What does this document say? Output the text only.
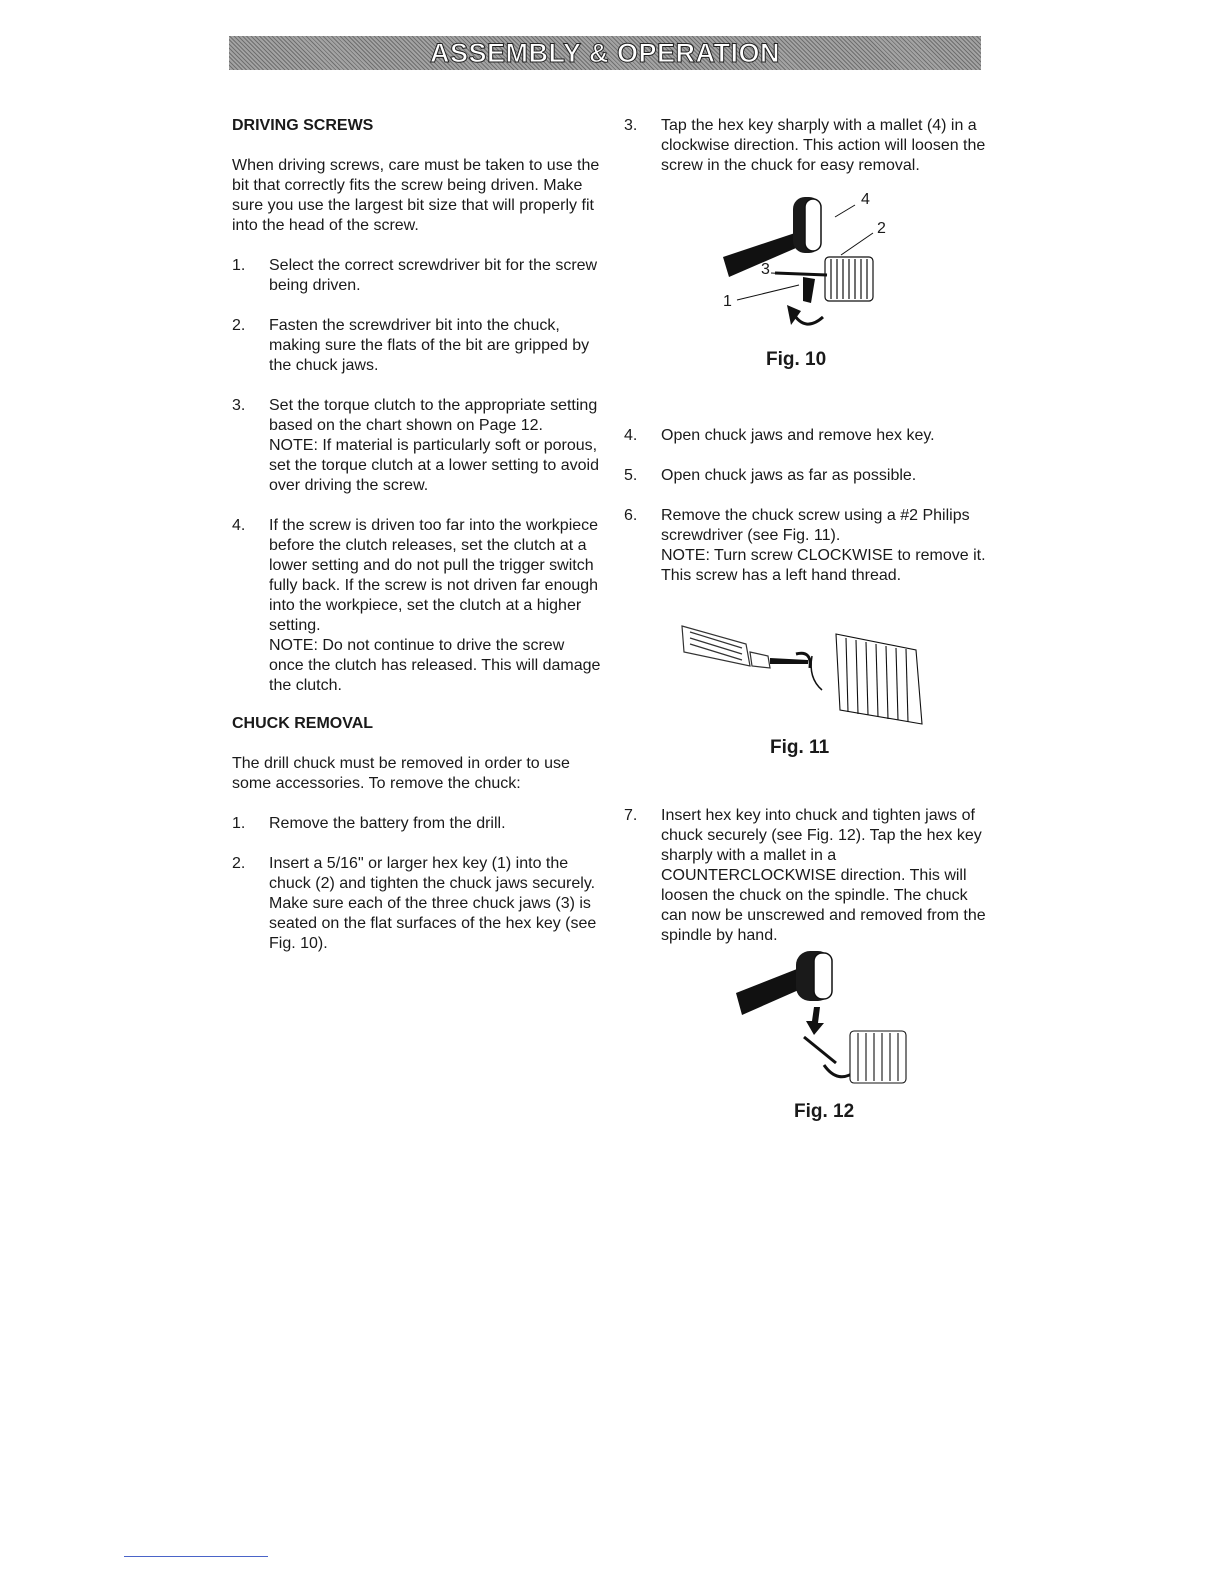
ASSEMBLY & OPERATION

DRIVING SCREWS

When driving screws, care must be taken to use the bit that correctly fits the screw being driven. Make sure you use the largest bit size that will properly fit into the head of the screw.

1.	Select the correct screwdriver bit for the screw being driven.
2.	Fasten the screwdriver bit into the chuck, making sure the flats of the bit are gripped by the chuck jaws.
3.	Set the torque clutch to the appropriate setting based on the chart shown on Page 12.
NOTE: If material is particularly soft or porous, set the torque clutch at a lower setting to avoid over driving the screw.
4.	If the screw is driven too far into the workpiece before the clutch releases, set the clutch at a lower setting and do not pull the trigger switch fully back. If the screw is not driven far enough into the workpiece, set the clutch at a higher setting.
NOTE: Do not continue to drive the screw once the clutch has released. This will damage the clutch.

CHUCK REMOVAL

The drill chuck must be removed in order to use some accessories. To remove the chuck:

1.	Remove the battery from the drill.
2.	Insert a 5/16" or larger hex key (1) into the chuck (2) and tighten the chuck jaws securely. Make sure each of the three chuck jaws (3) is seated on the flat surfaces of the hex key (see Fig. 10).
3.	Tap the hex key sharply with a mallet (4) in a clockwise direction. This action will loosen the screw in the chuck for easy removal.
4
2
3
1
Fig. 10
4.	Open chuck jaws and remove hex key.
5.	Open chuck jaws as far as possible.
6.	Remove the chuck screw using a #2 Philips screwdriver (see Fig. 11).
NOTE: Turn screw CLOCKWISE to remove it. This screw has a left hand thread.
Fig. 11
7.	Insert hex key into chuck and tighten jaws of chuck securely (see Fig. 12). Tap the hex key sharply with a mallet in a COUNTERCLOCKWISE direction. This will loosen the chuck on the spindle. The chuck can now be unscrewed and removed from the spindle by hand.
Fig. 12
